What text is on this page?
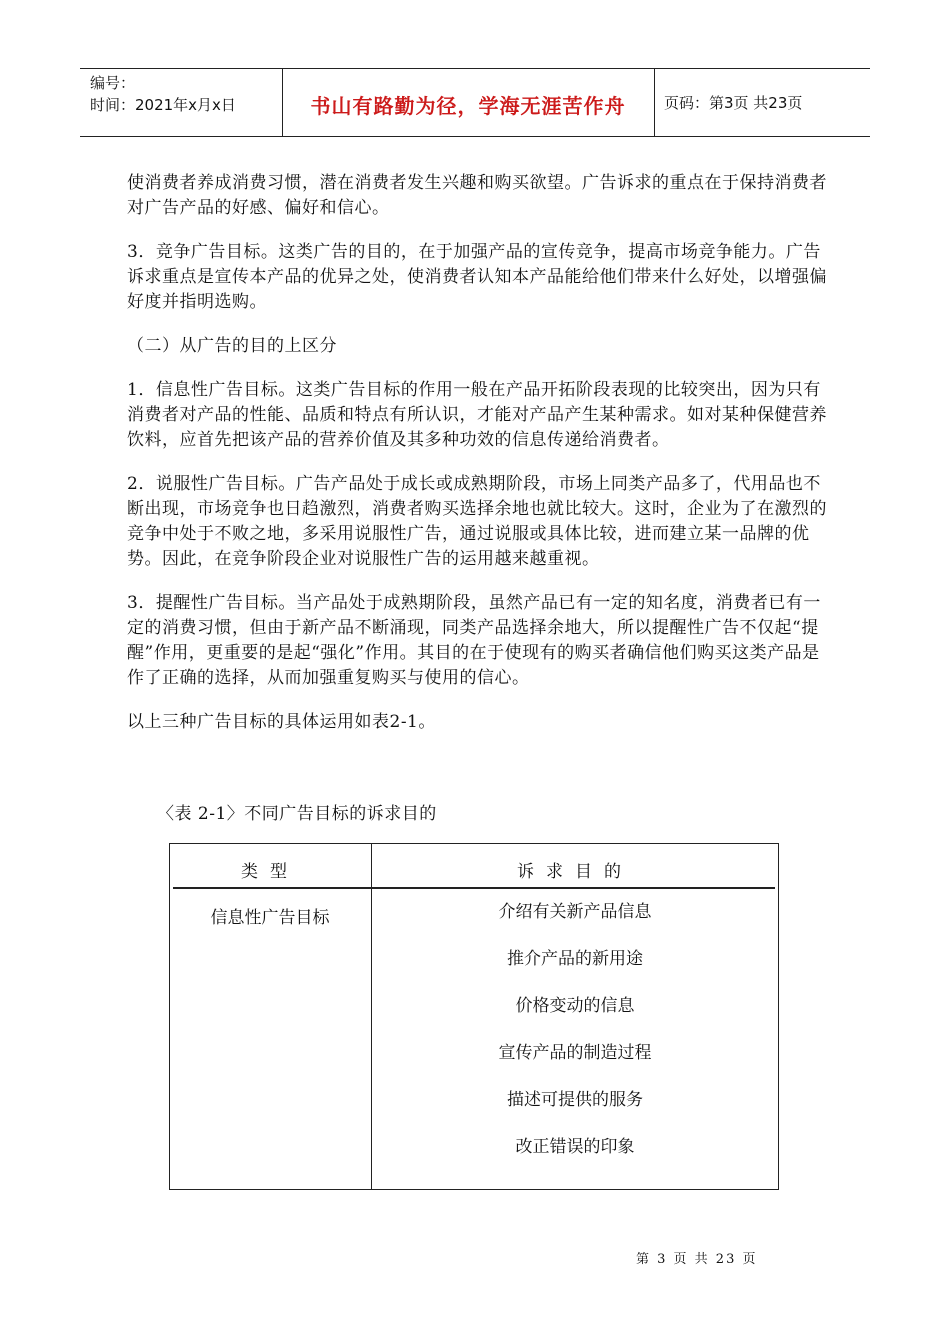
编号：
时间：2021年x月x日	书山有路勤为径，学海无涯苦作舟	页码：第3页 共23页

使消费者养成消费习惯，潜在消费者发生兴趣和购买欲望。广告诉求的重点在于保持消费者对广告产品的好感、偏好和信心。

3．竞争广告目标。这类广告的目的，在于加强产品的宣传竞争，提高市场竞争能力。广告诉求重点是宣传本产品的优异之处，使消费者认知本产品能给他们带来什么好处，以增强偏好度并指明选购。

（二）从广告的目的上区分

1．信息性广告目标。这类广告目标的作用一般在产品开拓阶段表现的比较突出，因为只有消费者对产品的性能、品质和特点有所认识，才能对产品产生某种需求。如对某种保健营养饮料，应首先把该产品的营养价值及其多种功效的信息传递给消费者。

2．说服性广告目标。广告产品处于成长或成熟期阶段，市场上同类产品多了，代用品也不断出现，市场竞争也日趋激烈，消费者购买选择余地也就比较大。这时，企业为了在激烈的竞争中处于不败之地，多采用说服性广告，通过说服或具体比较，进而建立某一品牌的优势。因此，在竞争阶段企业对说服性广告的运用越来越重视。

3．提醒性广告目标。当产品处于成熟期阶段，虽然产品已有一定的知名度，消费者已有一定的消费习惯，但由于新产品不断涌现，同类产品选择余地大，所以提醒性广告不仅起“提醒”作用，更重要的是起“强化”作用。其目的在于使现有的购买者确信他们购买这类产品是作了正确的选择，从而加强重复购买与使用的信心。

以上三种广告目标的具体运用如表2-1。

〈表 2-1〉不同广告目标的诉求目的
类型	诉求目的
信息性广告目标	介绍有关新产品信息
推介产品的新用途
价格变动的信息
宣传产品的制造过程
描述可提供的服务
改正错误的印象
第 3 页 共 23 页
